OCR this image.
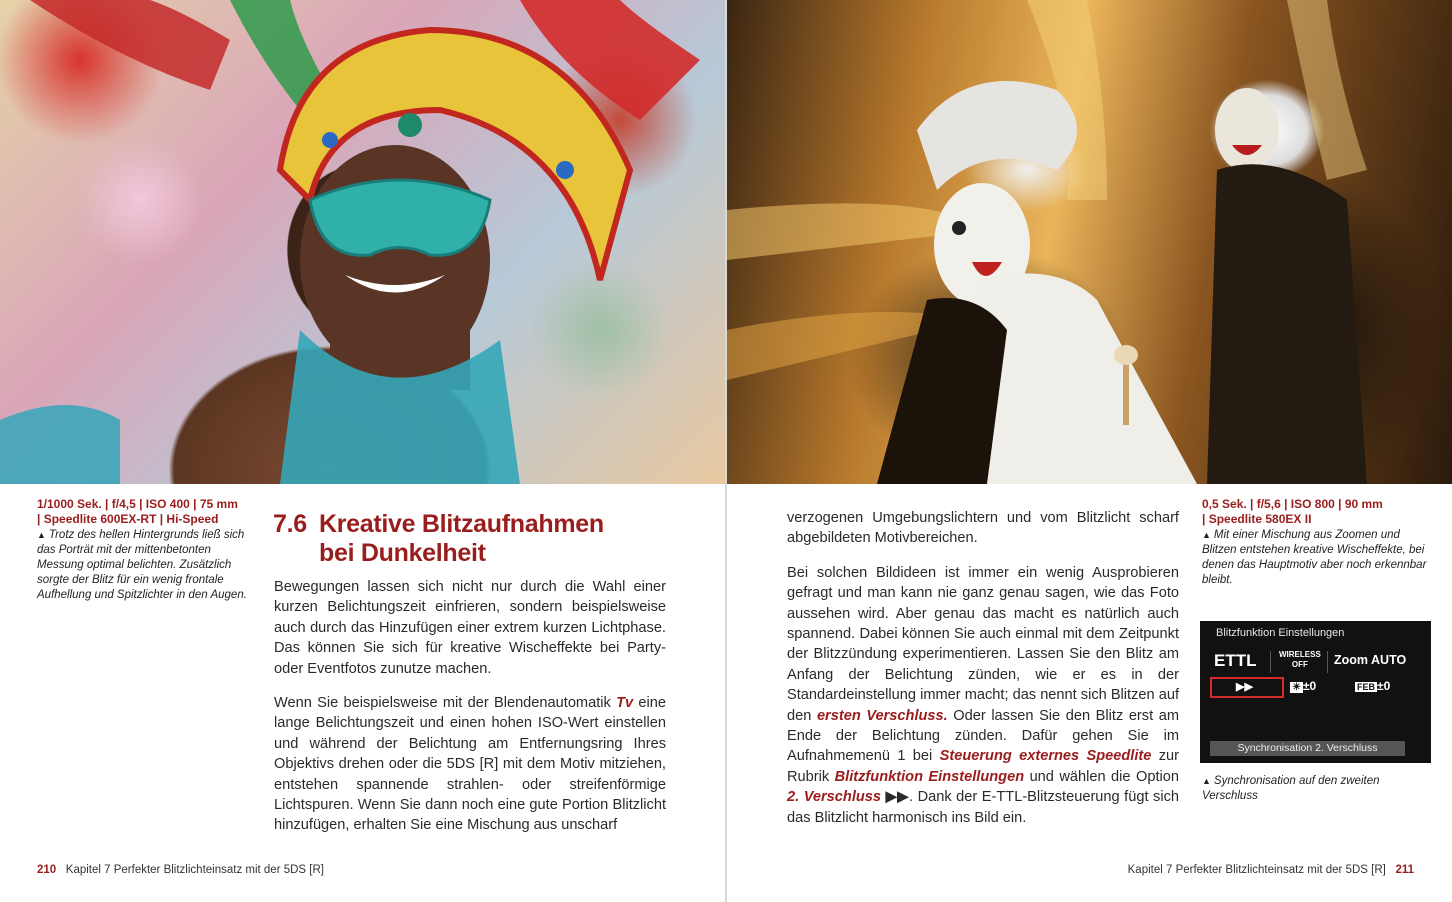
1/1000 Sek. | f/4,5 | ISO 400 | 75 mm
| Speedlite 600EX-RT | Hi-Speed
▲ Trotz des hellen Hintergrunds ließ sich das Porträt mit der mittenbetonten Messung optimal belichten. Zusätzlich sorgte der Blitz für ein wenig frontale Aufhellung und Spitzlichter in den Augen.
7.6 Kreative Blitzaufnahmen
bei Dunkelheit

Bewegungen lassen sich nicht nur durch die Wahl einer kurzen Belichtungszeit einfrieren, sondern beispielsweise auch durch das Hinzufügen einer extrem kurzen Lichtphase. Das können Sie sich für kreative Wischeffekte bei Party- oder Eventfotos zunutze machen.

Wenn Sie beispielsweise mit der Blendenautomatik Tv eine lange Belichtungszeit und einen hohen ISO-Wert einstellen und während der Belichtung am Entfernungsring Ihres Objektivs drehen oder die 5DS [R] mit dem Motiv mitziehen, entstehen spannende strahlen- oder streifenförmige Lichtspuren. Wenn Sie dann noch eine gute Portion Blitzlicht hinzufügen, erhalten Sie eine Mischung aus unscharf

210 Kapitel 7 Perfekter Blitzlichteinsatz mit der 5DS [R]

verzogenen Umgebungslichtern und vom Blitzlicht scharf abgebildeten Motivbereichen.

Bei solchen Bildideen ist immer ein wenig Ausprobieren gefragt und man kann nie ganz genau sagen, wie das Foto aussehen wird. Aber genau das macht es natürlich auch spannend. Dabei können Sie auch einmal mit dem Zeitpunkt der Blitzzündung experimentieren. Lassen Sie den Blitz am Anfang der Belichtung zünden, wie er es in der Standardeinstellung immer macht; das nennt sich Blitzen auf den ersten Verschluss. Oder lassen Sie den Blitz erst am Ende der Belichtung zünden. Dafür gehen Sie im Aufnahmemenü 1 bei Steuerung externes Speedlite zur Rubrik Blitzfunktion Einstellungen und wählen die Option 2. Verschluss ▶▶. Dank der E-TTL-Blitzsteuerung fügt sich das Blitzlicht harmonisch ins Bild ein.

0,5 Sek. | f/5,6 | ISO 800 | 90 mm
| Speedlite 580EX II
▲ Mit einer Mischung aus Zoomen und Blitzen entstehen kreative Wischeffekte, bei denen das Hauptmotiv aber noch erkennbar bleibt.
Blitzfunktion Einstellungen
ETTL	WIRELESS
OFF	Zoom AUTO
▶▶	☀ ±0	FEB ±0
Synchronisation 2. Verschluss
▲ Synchronisation auf den zweiten Verschluss
Kapitel 7 Perfekter Blitzlichteinsatz mit der 5DS [R] 211
